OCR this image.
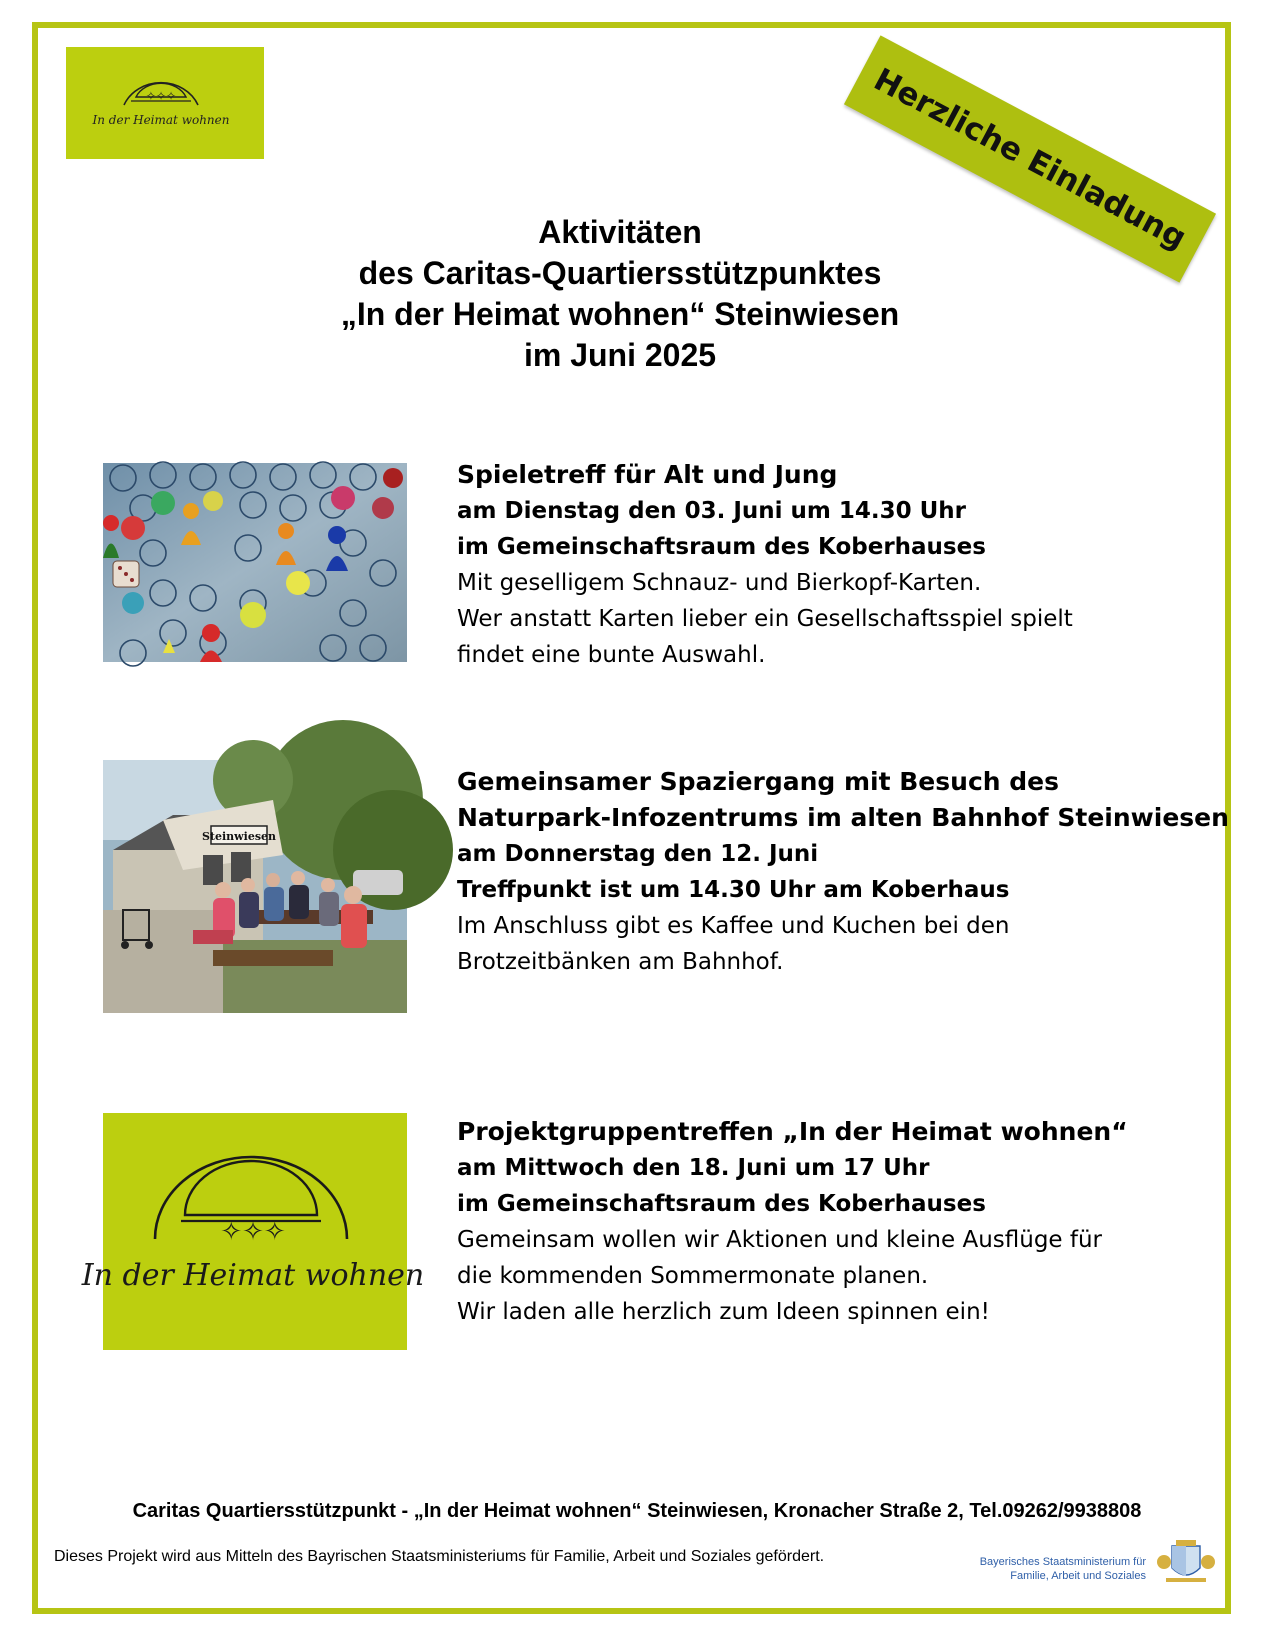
✧✧✧
In der Heimat wohnen	Herzliche Einladung
Aktivitäten
des Caritas-Quartiersstützpunktes
„In der Heimat wohnen“ Steinwiesen
im Juni 2025
Steinwiesen
✧✧✧
In der Heimat wohnen
Spieletreff für Alt und Jung
am Dienstag den 03. Juni um 14.30 Uhr
im Gemeinschaftsraum des Koberhauses
Mit geselligem Schnauz- und Bierkopf-Karten.
Wer anstatt Karten lieber ein Gesellschaftsspiel spielt
findet eine bunte Auswahl.
Gemeinsamer Spaziergang mit Besuch des
Naturpark-Infozentrums im alten Bahnhof Steinwiesen
am Donnerstag den 12. Juni
Treffpunkt ist um 14.30 Uhr am Koberhaus
Im Anschluss gibt es Kaffee und Kuchen bei den
Brotzeitbänken am Bahnhof.
Projektgruppentreffen „In der Heimat wohnen“
am Mittwoch den 18. Juni um 17 Uhr
im Gemeinschaftsraum des Koberhauses
Gemeinsam wollen wir Aktionen und kleine Ausflüge für
die kommenden Sommermonate planen.
Wir laden alle herzlich zum Ideen spinnen ein!
Caritas Quartiersstützpunkt - „In der Heimat wohnen“ Steinwiesen, Kronacher Straße 2, Tel.09262/9938808
Dieses Projekt wird aus Mitteln des Bayrischen Staatsministeriums für Familie, Arbeit und Soziales gefördert.	Bayerisches Staatsministerium für
Familie, Arbeit und Soziales
